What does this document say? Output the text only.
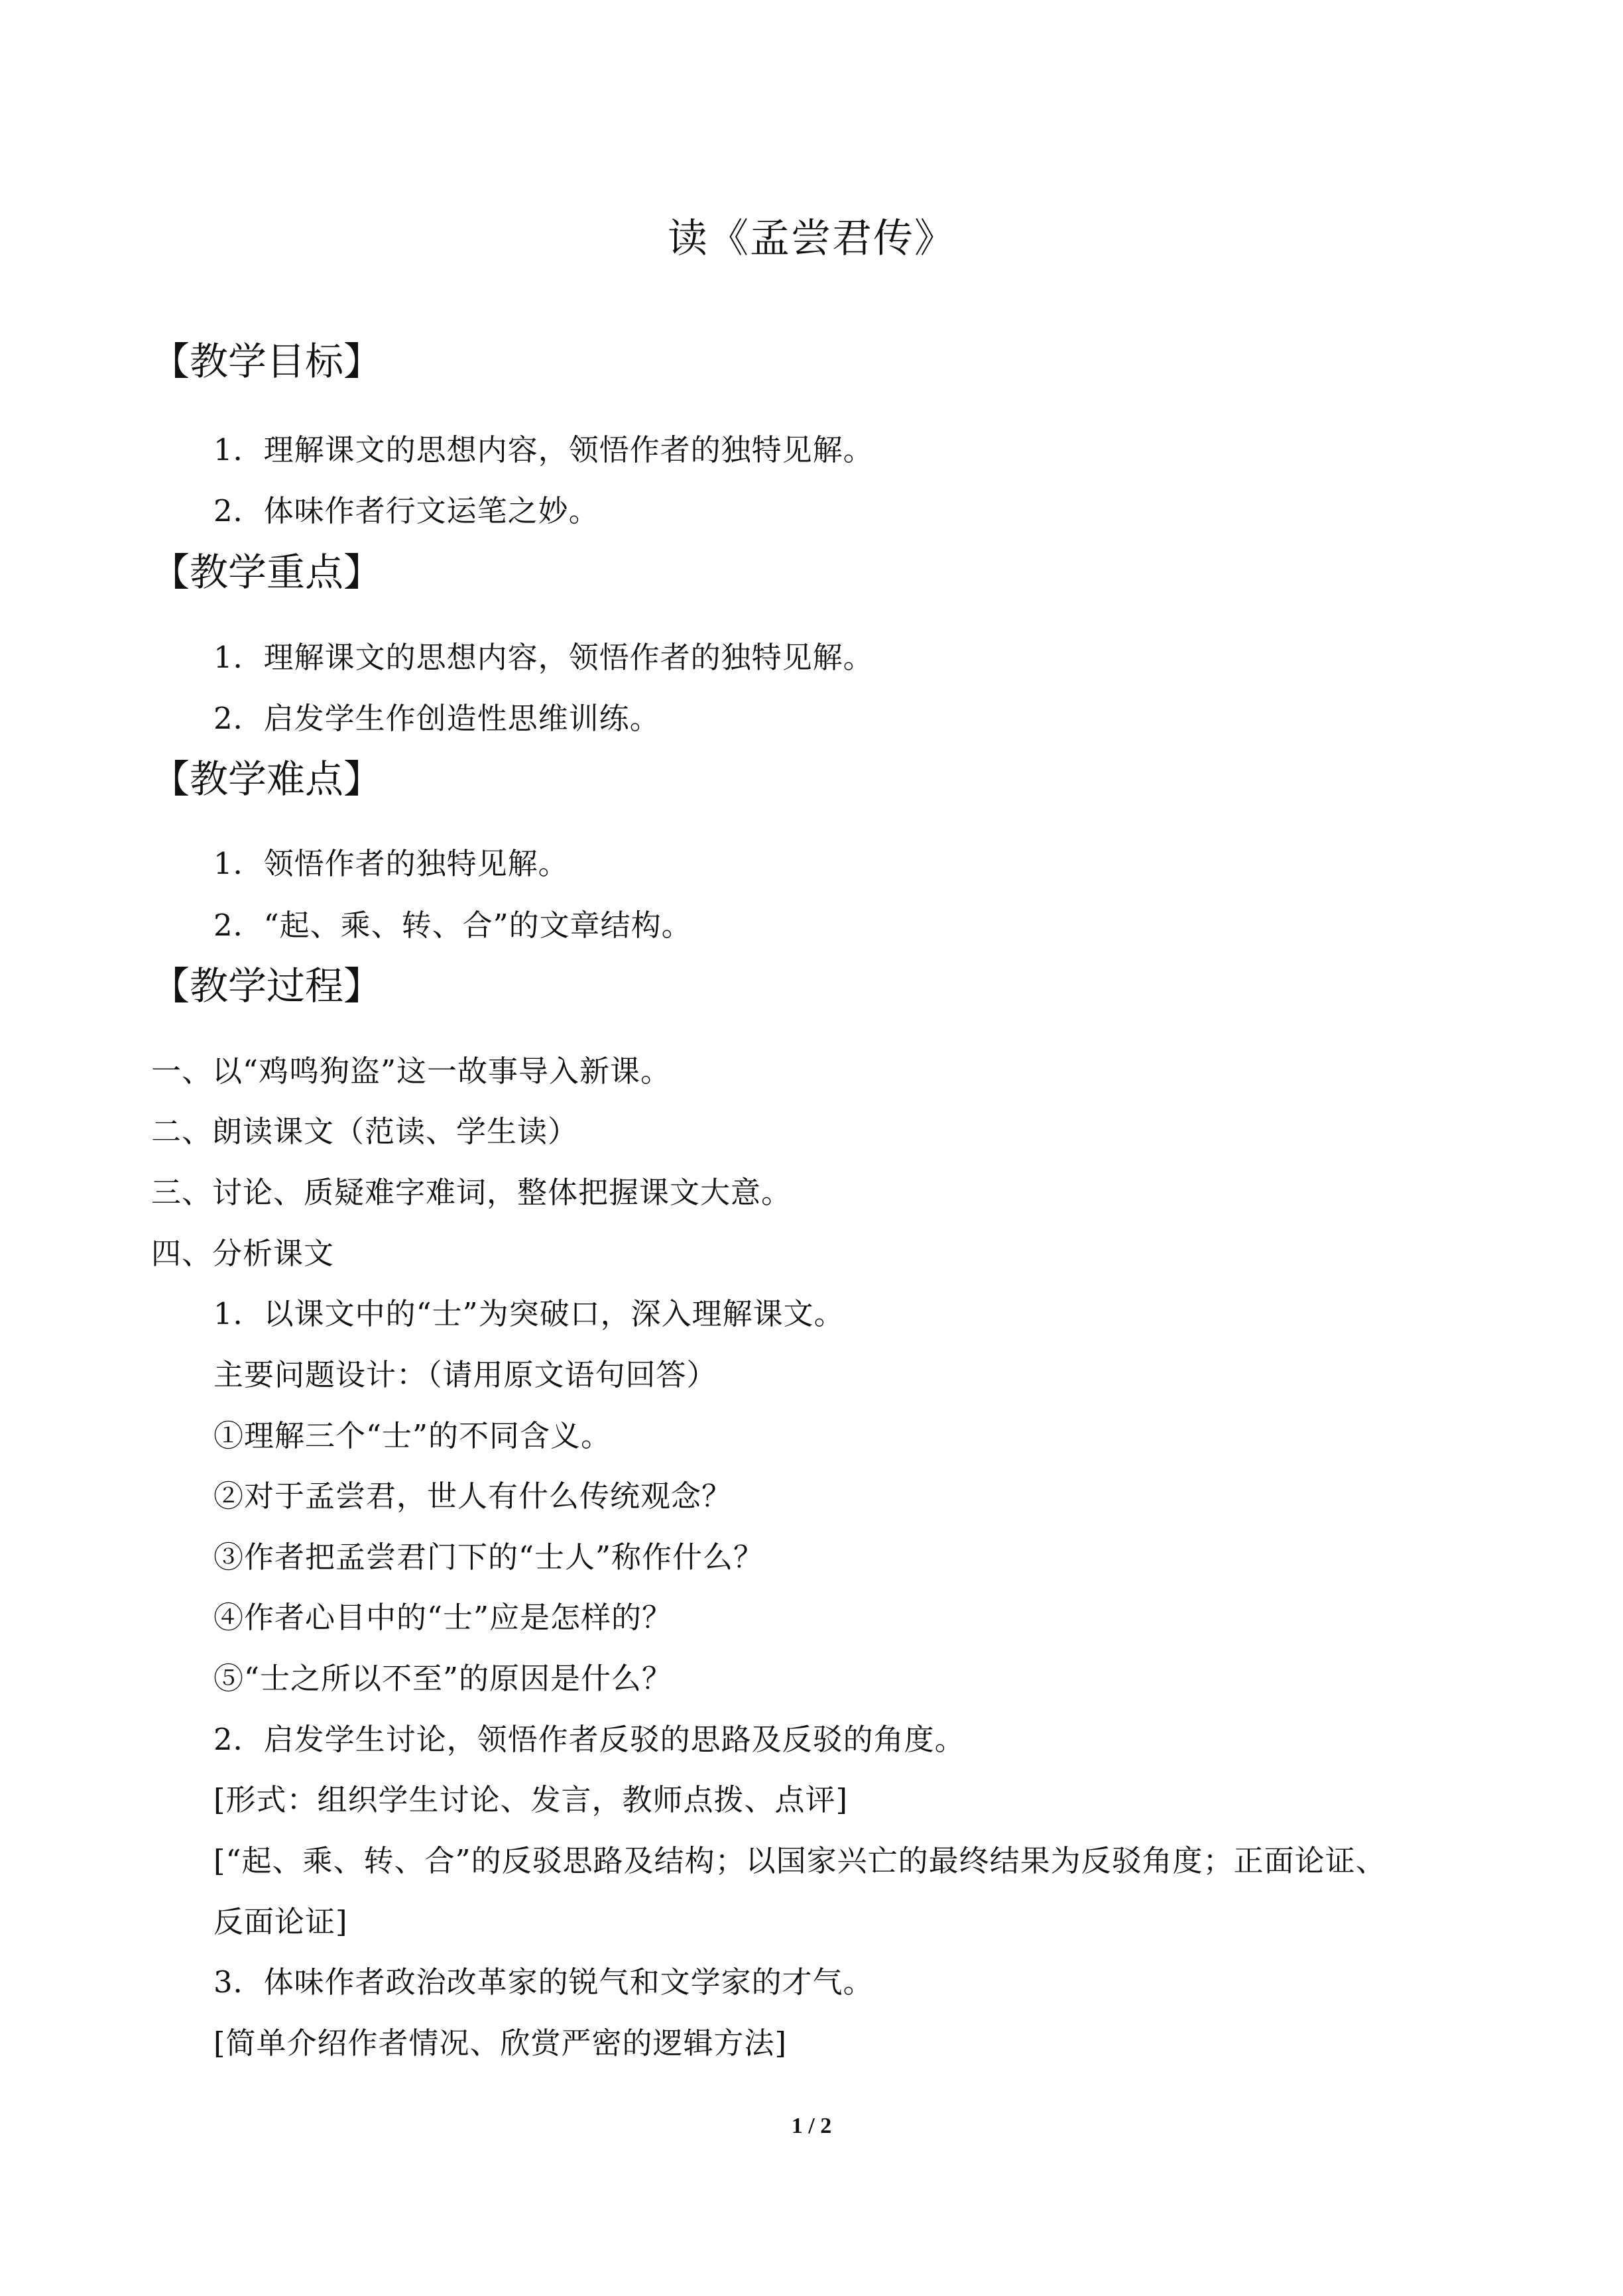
读《孟尝君传》
【教学目标】
1．理解课文的思想内容，领悟作者的独特见解。
2．体味作者行文运笔之妙。
【教学重点】
1．理解课文的思想内容，领悟作者的独特见解。
2．启发学生作创造性思维训练。
【教学难点】
1．领悟作者的独特见解。
2．“起、乘、转、合”的文章结构。
【教学过程】
一、以“鸡鸣狗盗”这一故事导入新课。
二、朗读课文（范读、学生读）
三、讨论、质疑难字难词，整体把握课文大意。
四、分析课文
1．以课文中的“士”为突破口，深入理解课文。
主要问题设计：（请用原文语句回答）
①理解三个“士”的不同含义。
②对于孟尝君，世人有什么传统观念？
③作者把孟尝君门下的“士人”称作什么？
④作者心目中的“士”应是怎样的？
⑤“士之所以不至”的原因是什么？
2．启发学生讨论，领悟作者反驳的思路及反驳的角度。
[形式：组织学生讨论、发言，教师点拨、点评]
[“起、乘、转、合”的反驳思路及结构；以国家兴亡的最终结果为反驳角度；正面论证、
反面论证]
3．体味作者政治改革家的锐气和文学家的才气。
[简单介绍作者情况、欣赏严密的逻辑方法]
1 / 2
